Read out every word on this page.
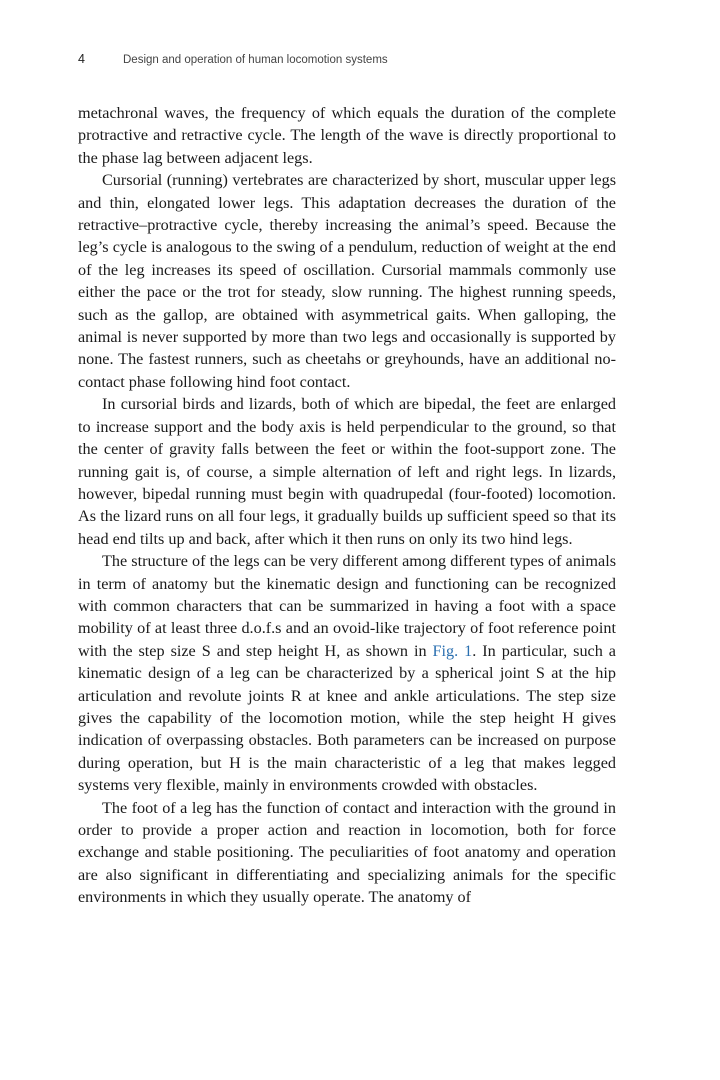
4	Design and operation of human locomotion systems

metachronal waves, the frequency of which equals the duration of the complete protractive and retractive cycle. The length of the wave is directly proportional to the phase lag between adjacent legs.

Cursorial (running) vertebrates are characterized by short, muscular upper legs and thin, elongated lower legs. This adaptation decreases the duration of the retractive–protractive cycle, thereby increasing the animal’s speed. Because the leg’s cycle is analogous to the swing of a pendulum, reduction of weight at the end of the leg increases its speed of oscillation. Cursorial mammals commonly use either the pace or the trot for steady, slow running. The highest running speeds, such as the gallop, are obtained with asymmetrical gaits. When galloping, the animal is never supported by more than two legs and occasionally is supported by none. The fastest runners, such as cheetahs or greyhounds, have an additional no-contact phase following hind foot contact.

In cursorial birds and lizards, both of which are bipedal, the feet are enlarged to increase support and the body axis is held perpendicular to the ground, so that the center of gravity falls between the feet or within the foot-support zone. The running gait is, of course, a simple alternation of left and right legs. In lizards, however, bipedal running must begin with quadrupedal (four-footed) locomotion. As the lizard runs on all four legs, it gradually builds up sufficient speed so that its head end tilts up and back, after which it then runs on only its two hind legs.

The structure of the legs can be very different among different types of animals in term of anatomy but the kinematic design and functioning can be recognized with common characters that can be summarized in having a foot with a space mobility of at least three d.o.f.s and an ovoid-like trajectory of foot reference point with the step size S and step height H, as shown in Fig. 1. In particular, such a kinematic design of a leg can be characterized by a spherical joint S at the hip articulation and revolute joints R at knee and ankle articulations. The step size gives the capability of the locomotion motion, while the step height H gives indication of overpassing obstacles. Both parameters can be increased on purpose during operation, but H is the main characteristic of a leg that makes legged systems very flexible, mainly in environments crowded with obstacles.

The foot of a leg has the function of contact and interaction with the ground in order to provide a proper action and reaction in locomotion, both for force exchange and stable positioning. The peculiarities of foot anatomy and operation are also significant in differentiating and specializing animals for the specific environments in which they usually operate. The anatomy of
